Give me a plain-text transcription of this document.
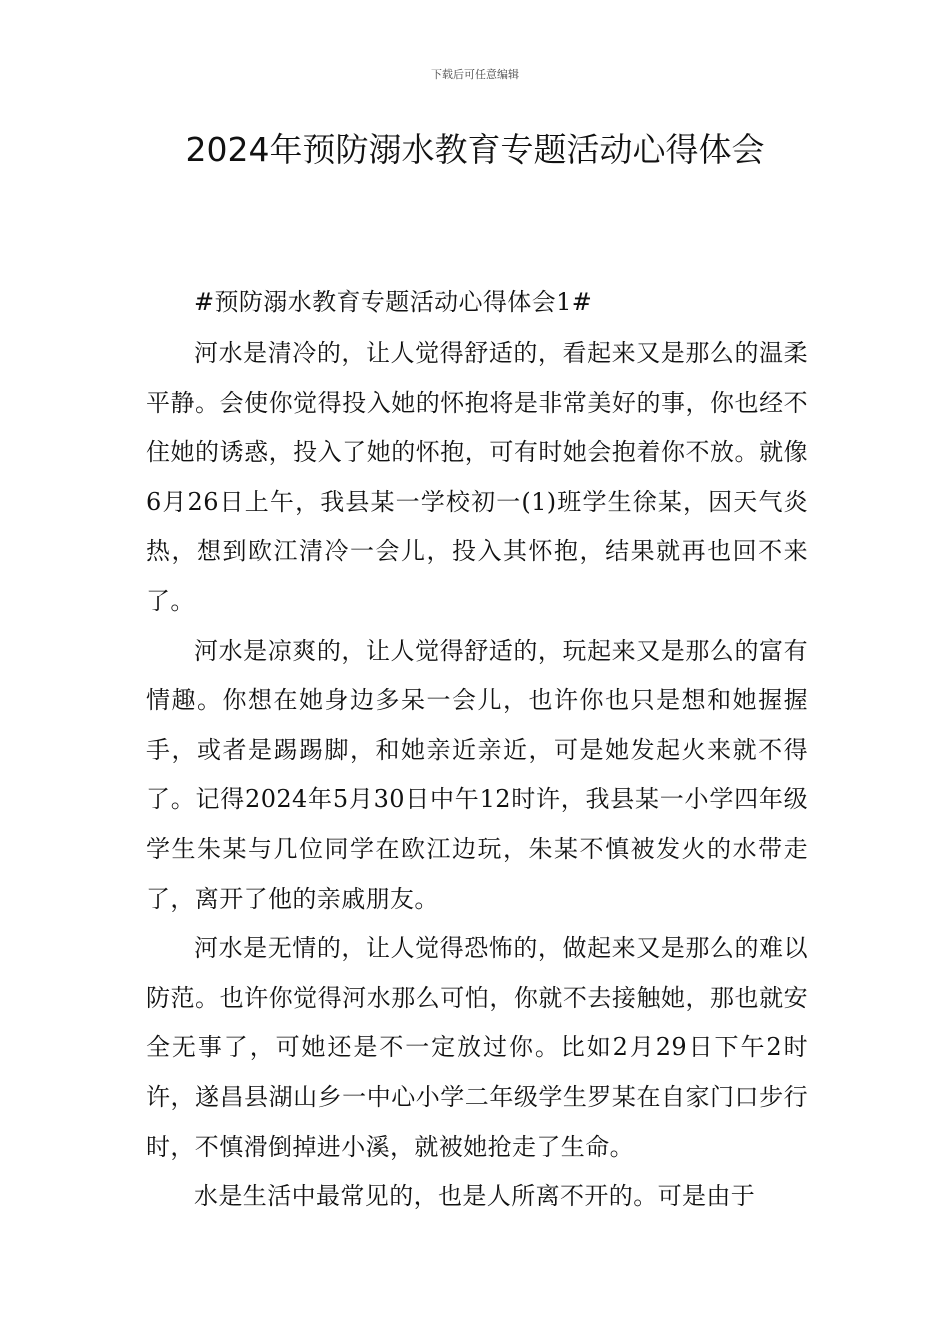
下载后可任意编辑
2024年预防溺水教育专题活动心得体会

#预防溺水教育专题活动心得体会1#

河水是清冷的，让人觉得舒适的，看起来又是那么的温柔平静。会使你觉得投入她的怀抱将是非常美好的事，你也经不住她的诱惑，投入了她的怀抱，可有时她会抱着你不放。就像6月26日上午，我县某一学校初一(1)班学生徐某，因天气炎热，想到欧江清冷一会儿，投入其怀抱，结果就再也回不来了。

河水是凉爽的，让人觉得舒适的，玩起来又是那么的富有情趣。你想在她身边多呆一会儿，也许你也只是想和她握握手，或者是踢踢脚，和她亲近亲近，可是她发起火来就不得了。记得2024年5月30日中午12时许，我县某一小学四年级学生朱某与几位同学在欧江边玩，朱某不慎被发火的水带走了，离开了他的亲戚朋友。

河水是无情的，让人觉得恐怖的，做起来又是那么的难以防范。也许你觉得河水那么可怕，你就不去接触她，那也就安全无事了，可她还是不一定放过你。比如2月29日下午2时许，遂昌县湖山乡一中心小学二年级学生罗某在自家门口步行时，不慎滑倒掉进小溪，就被她抢走了生命。

水是生活中最常见的，也是人所离不开的。可是由于
